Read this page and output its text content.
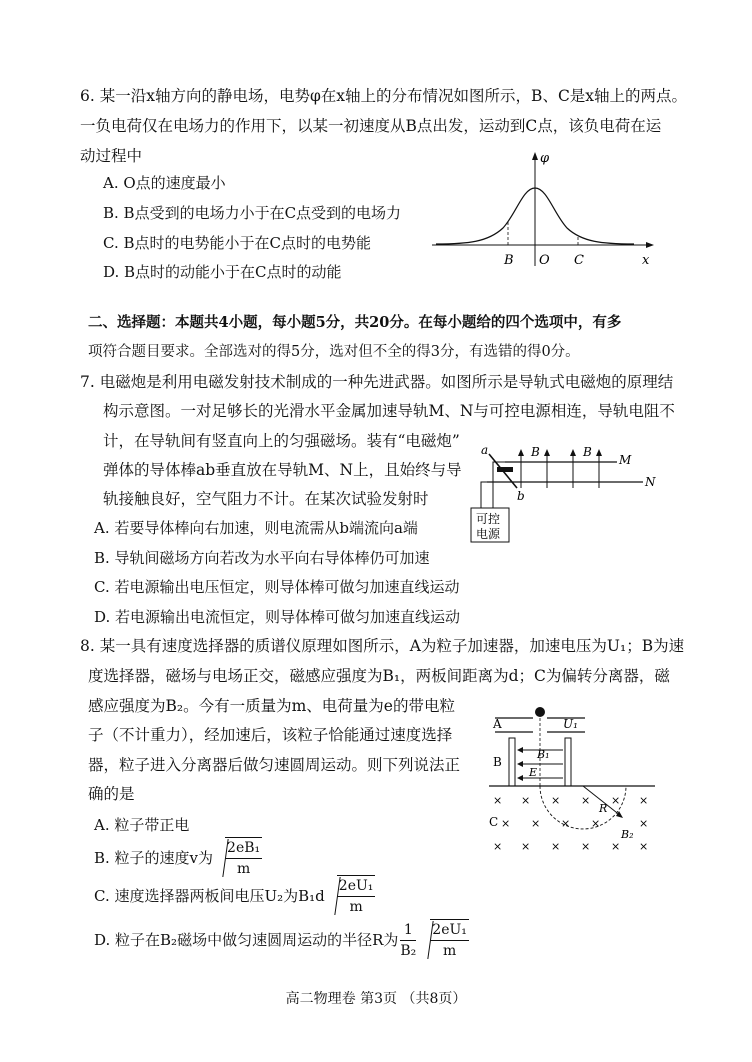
6. 某一沿x轴方向的静电场，电势φ在x轴上的分布情况如图所示，B、C是x轴上的两点。
一负电荷仅在电场力的作用下，以某一初速度从B点出发，运动到C点，该负电荷在运
动过程中
A. O点的速度最小
B. B点受到的电场力小于在C点受到的电场力
C. B点时的电势能小于在C点时的电势能
D. B点时的动能小于在C点时的动能
φ
x
B O C
二、选择题：本题共4小题，每小题5分，共20分。在每小题给的四个选项中，有多
项符合题目要求。全部选对的得5分，选对但不全的得3分，有选错的得0分。
7. 电磁炮是利用电磁发射技术制成的一种先进武器。如图所示是导轨式电磁炮的原理结
构示意图。一对足够长的光滑水平金属加速导轨M、N与可控电源相连，导轨电阻不
计，在导轨间有竖直向上的匀强磁场。装有“电磁炮”
弹体的导体棒ab垂直放在导轨M、N上，且始终与导
轨接触良好，空气阻力不计。在某次试验发射时
A. 若要导体棒向右加速，则电流需从b端流向a端
B. 导轨间磁场方向若改为水平向右导体棒仍可加速
C. 若电源输出电压恒定，则导体棒可做匀加速直线运动
D. 若电源输出电流恒定，则导体棒可做匀加速直线运动
M
N
B	B
a
b
可控
电源
8. 某一具有速度选择器的质谱仪原理如图所示，A为粒子加速器，加速电压为U₁；B为速
度选择器，磁场与电场正交，磁感应强度为B₁，两板间距离为d；C为偏转分离器，磁
感应强度为B₂。今有一质量为m、电荷量为e的带电粒
子（不计重力），经加速后，该粒子恰能通过速度选择
器，粒子进入分离器后做匀速圆周运动。则下列说法正
确的是
A. 粒子带正电
B. 粒子的速度v为 $\frac{\text{2eB₁}}{m}$
C. 速度选择器两板间电压U₂为$B_1d \frac{\text{2eU₁}}{m}$
D. 粒子在B₂磁场中做匀速圆周运动的半径R为 $\frac{1}{\text{B₂}} \frac{\text{2eU₁}}{m}$
A	U₁
B
B₁
E
× × × × × ×
× × × ×	×
× × × × × ×
C
R
B₂
高二物理卷 第3页 （共8页）
